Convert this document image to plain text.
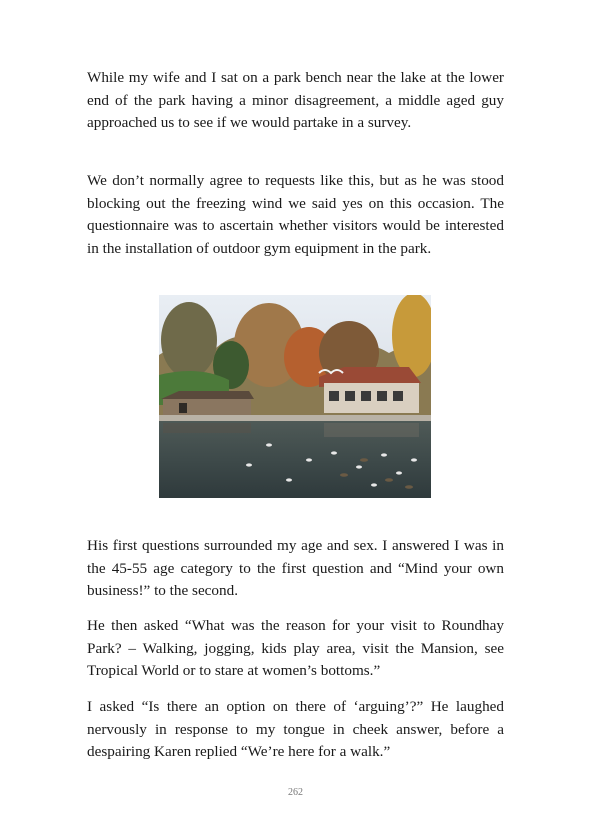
While my wife and I sat on a park bench near the lake at the lower end of the park having a minor disagreement, a middle aged guy approached us to see if we would partake in a survey.

We don’t normally agree to requests like this, but as he was stood blocking out the freezing wind we said yes on this occasion. The questionnaire was to ascertain whether visitors would be interested in the installation of outdoor gym equipment in the park.

His first questions surrounded my age and sex. I answered I was in the 45-55 age category to the first question and “Mind your own business!” to the second.

He then asked “What was the reason for your visit to Roundhay Park? – Walking, jogging, kids play area, visit the Mansion, see Tropical World or to stare at women’s bottoms.”

I asked “Is there an option on there of ‘arguing’?” He laughed nervously in response to my tongue in cheek answer, before a despairing Karen replied “We’re here for a walk.”

262
